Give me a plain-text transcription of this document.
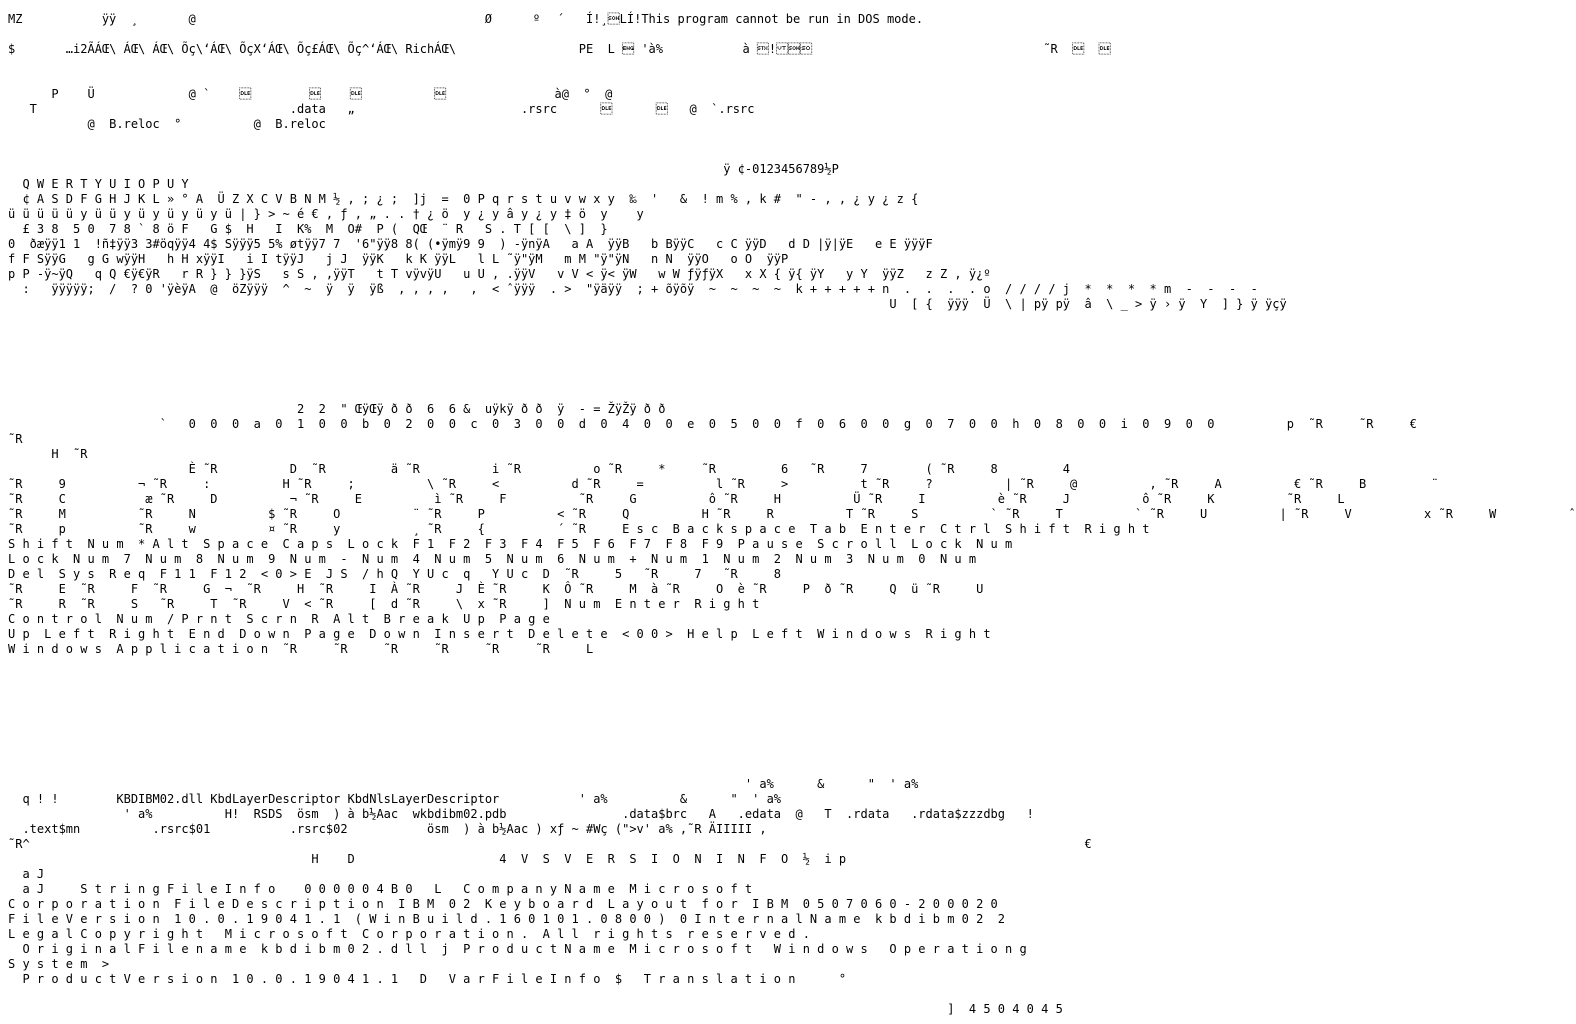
MZ       ÿÿ  ¸       @                                        Ø   º ´	Í!¸LÍ!This program cannot be run in DOS mode.
$       …i2ÃÁŒ\ ÁŒ\ ÁŒ\ Õç\‘ÁŒ\ ÕçX‘ÁŒ\ Õç£ÁŒ\ Õç^‘ÁŒ\ RichÁŒ\                 PE  L  'à%           à !                                ˜R    

P    Ü             @ `                                         à@  °  @
T                                   .data   „                       .rsrc               @  `.rsrc
@  B.reloc  °          @  B.reloc

ÿ ¢-0123456789½P
Q W E R T Y U I O P U Y
¢ A S D F G H J K L » ° A  Ü Z X C V B N M ½ , ; ¿ ;  ]j  =  0 P q r s t u v w x y  ‰  '   &  ! m % , k #  " - , , ¿ y ¿ z {
ü ü ü ü ü y ü ü y ü y ü y ü y ü | } > ~ é € , ƒ , „ . . † ¿ ö  y ¿ y â y ¿ y ‡ ö  y    y
£ 3 8  5 0  7 8 ` 8 ö F   G $  H   I  K%  M  O#  P (  QŒ  ¨ R   S . T [ [  \ ]  }
0  ðæÿÿ1 1  !ñ‡ÿÿ3 3#öqÿÿ4 4$ Sÿÿÿ5 5% øtÿÿ7 7  '6"ÿÿ8 8( (•ÿmÿ9 9  ) -ÿnÿA   a A  ÿÿB   b BÿÿC   c C ÿÿD   d D |ÿ|ÿE   e E ÿÿÿF
f F SÿÿG   g G wÿÿH   h H xÿÿI   i I tÿÿJ   j J  ÿÿK   k K ÿÿL   l L ˜ÿ"ÿM   m M "ÿ"ÿN   n N  ÿÿO   o O  ÿÿP
p P -ÿ~ÿQ   q Q €ÿ€ÿR   r R } } }ÿS   s S , ,ÿÿT   t T vÿvÿU   u U , .ÿÿV   v V < ÿ< ÿW   w W ƒÿƒÿX   x X { ÿ{ ÿY   y Y  ÿÿZ   z Z , ÿ¿º
:   ÿÿÿÿÿ;  /  ? 0 'ÿèÿA  @  öZÿÿÿ  ^  ~  ÿ  ÿ  ÿß  , , , ,   ,  < ˆÿÿÿ  . >  "ÿäÿÿ  ; + õÿõÿ  ~  ~  ~  ~  k + + + + + n  .  .  .  . o  / / / / j  *  *  *  * m  -  -  -  -
U  [ {  ÿÿÿ  Ü  \ | pÿ pÿ  â  \ _ > ÿ › ÿ  Y  ] } ÿ ÿçÿ

2  2  " ŒÿŒÿ ð ð  6  6 &  uÿkÿ ð ð  ÿ  - = ŽÿŽÿ ð ð
`   0  0  0  a  0  1  0  0  b  0  2  0  0  c  0  3  0  0  d  0  4  0  0  e  0  5  0  0  f  0  6  0  0  g  0  7  0  0  h  0  8  0  0  i  0  9  0  0          p  ˜R     ˜R     €
˜R
H  ˜R
È ˜R          D  ˜R         ä ˜R          i ˜R          o ˜R     *     ˜R         6   ˜R     7        ( ˜R     8         4
˜R     9          ¬ ˜R     :          H ˜R     ;          \ ˜R     <          d ˜R     =          l ˜R     >          t ˜R     ?          | ˜R     @          , ˜R     A          € ˜R     B         ¨
˜R     C           æ ˜R     D          ¬ ˜R     E          ì ˜R     F          ˜R     G          ô ˜R     H          Ü ˜R     I          è ˜R     J          ô ˜R     K          ˜R     L
˜R     M          ˜R     N          $ ˜R     O          ¨ ˜R     P          < ˜R     Q          H ˜R     R          T ˜R     S          ` ˜R     T          ` ˜R     U          | ˜R     V          x ˜R     W          ˆ
˜R     p          ˜R     w          ¤ ˜R     y          ¸ ˜R     {          ´ ˜R     E s c  B a c k s p a c e  T a b  E n t e r  C t r l  S h i f t  R i g h t
S h i f t  N u m  * A l t  S p a c e  C a p s  L o c k  F 1  F 2  F 3  F 4  F 5  F 6  F 7  F 8  F 9  P a u s e  S c r o l l  L o c k  N u m
L o c k  N u m  7  N u m  8  N u m  9  N u m  -  N u m  4  N u m  5  N u m  6  N u m  +  N u m  1  N u m  2  N u m  3  N u m  0  N u m
D e l  S y s  R e q  F 1 1  F 1 2  < 0 > E  J S  / h Q  Y U c  q   Y U c  D  ˜R     5   ˜R     7   ˜R     8
˜R     E  ˜R     F  ˜R     G  ¬  ˜R     H  ˜R     I  À ˜R     J  È ˜R     K  Ô ˜R     M  à ˜R     O  è ˜R     P  ð ˜R     Q  ü ˜R     U
˜R     R  ˜R     S   ˜R     T  ˜R     V  < ˜R     [  d ˜R     \  x ˜R     ]  N u m  E n t e r  R i g h t
C o n t r o l  N u m  / P r n t  S c r n  R  A l t  B r e a k  U p  P a g e
U p  L e f t  R i g h t  E n d  D o w n  P a g e  D o w n  I n s e r t  D e l e t e  < 0 0 >  H e l p  L e f t  W i n d o w s  R i g h t
W i n d o w s  A p p l i c a t i o n  ˜R     ˜R     ˜R     ˜R     ˜R     ˜R     L

' a%      &      "  ' a%
q ! !        KBDIBM02.dll KbdLayerDescriptor KbdNlsLayerDescriptor           ' a%          &      "  ' a%
' a%          H!  RSDS  ösm  ) à b½Aac  wkbdibm02.pdb                .data$brc   A   .edata  @   T  .rdata   .rdata$zzzdbg   !
.text$mn          .rsrc$01           .rsrc$02           ösm  ) à b½Aac ) xƒ ~ #Wç (">v' a% ,˜R ÄIIIII ,
˜R^                                                                                                                                                  €
H    D                    4  V  S  V  E  R  S  I  O  N  I  N  F  O  ½  i p
a J
a J     S t r i n g F i l e I n f o    0 0 0 0 0 4 B 0   L   C o m p a n y N a m e  M i c r o s o f t
C o r p o r a t i o n  F i l e D e s c r i p t i o n  I B M  0 2  K e y b o a r d  L a y o u t  f o r  I B M  0 5 0 7 0 6 0 - 2 0 0 0 2 0
F i l e V e r s i o n  1 0 . 0 . 1 9 0 4 1 . 1  ( W i n B u i l d . 1 6 0 1 0 1 . 0 8 0 0 )  0 I n t e r n a l N a m e  k b d i b m 0 2  2
L e g a l C o p y r i g h t   M i c r o s o f t  C o r p o r a t i o n .  A l l  r i g h t s  r e s e r v e d .
O r i g i n a l F i l e n a m e  k b d i b m 0 2 . d l l  j  P r o d u c t N a m e  M i c r o s o f t   W i n d o w s   O p e r a t i o n g
S y s t e m  >
P r o d u c t V e r s i o n  1 0 . 0 . 1 9 0 4 1 . 1   D   V a r F i l e I n f o  $   T r a n s l a t i o n      °

]  4 5 0 4 0 4 5
